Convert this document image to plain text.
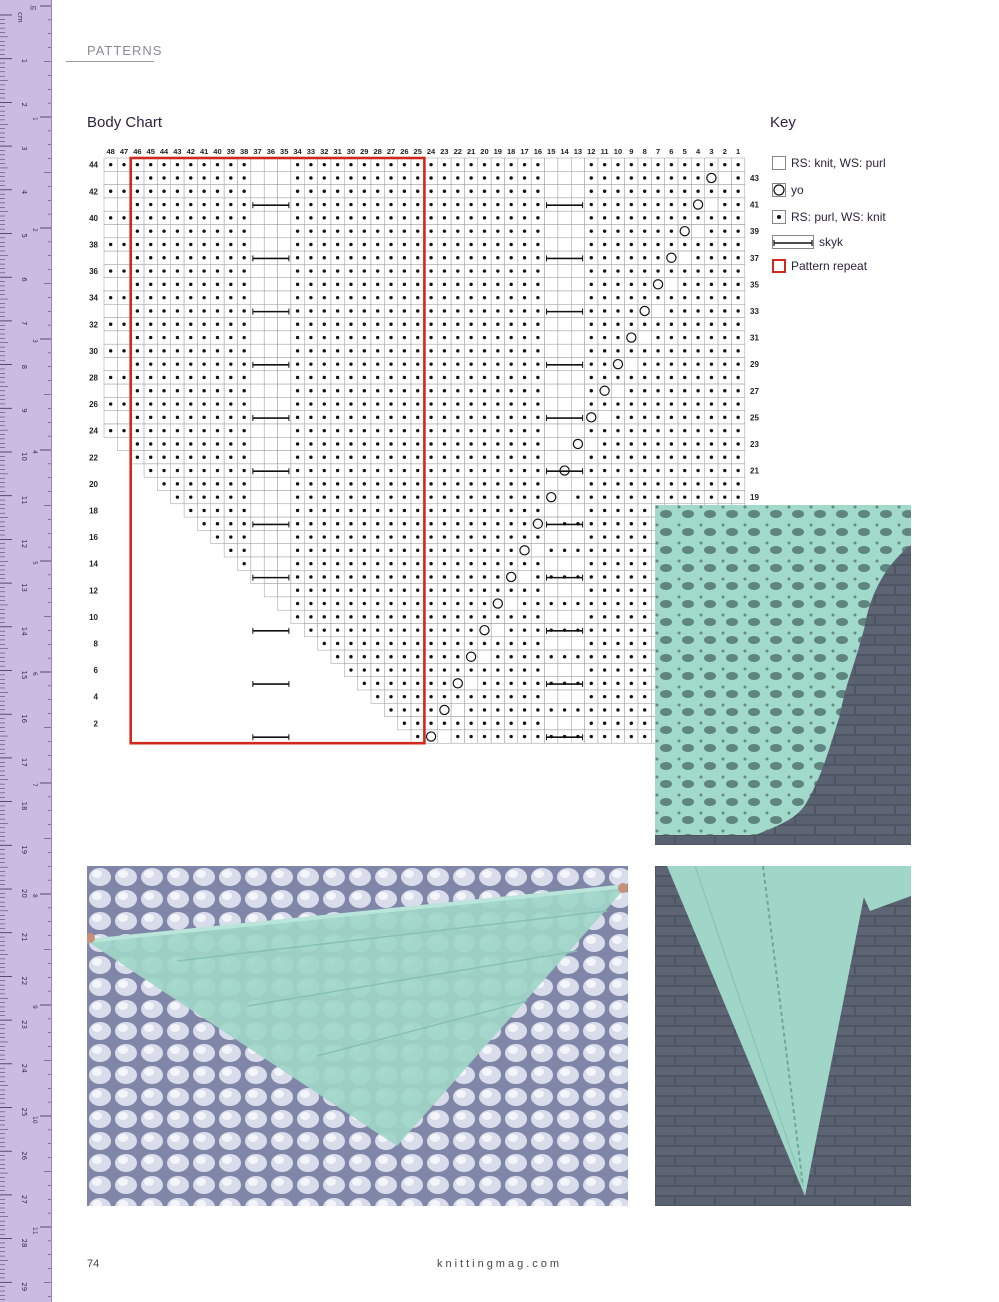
in
cm
1
2
3
4
5
6
7
8
9
10
11
12
13
14
15
16
17
18
19
20
21
22
23
24
25
26
27
28
29
1
2
3
4
5
6
7
8
9
10
11
PATTERNS
Body Chart	Key
48 47 46 45 44 43 42 41 40 39 38 37 36 35 34 33 32 31 30 29 28 27 26 25 24 23 22 21 20 19 18 17 16 15 14 13 12 11 10 9 8 7 6 5 4 3 2 1
44
42
40
38
36
34
32
30
28
26
24
22
20
18
16
14
12
10
8
6
4
2
43
41
39
37
35
33
31
29
27
25
23
21
19
RS: knit, WS: purl
yo
RS: purl, WS: knit
skyk
Pattern repeat
74	knittingmag.com
